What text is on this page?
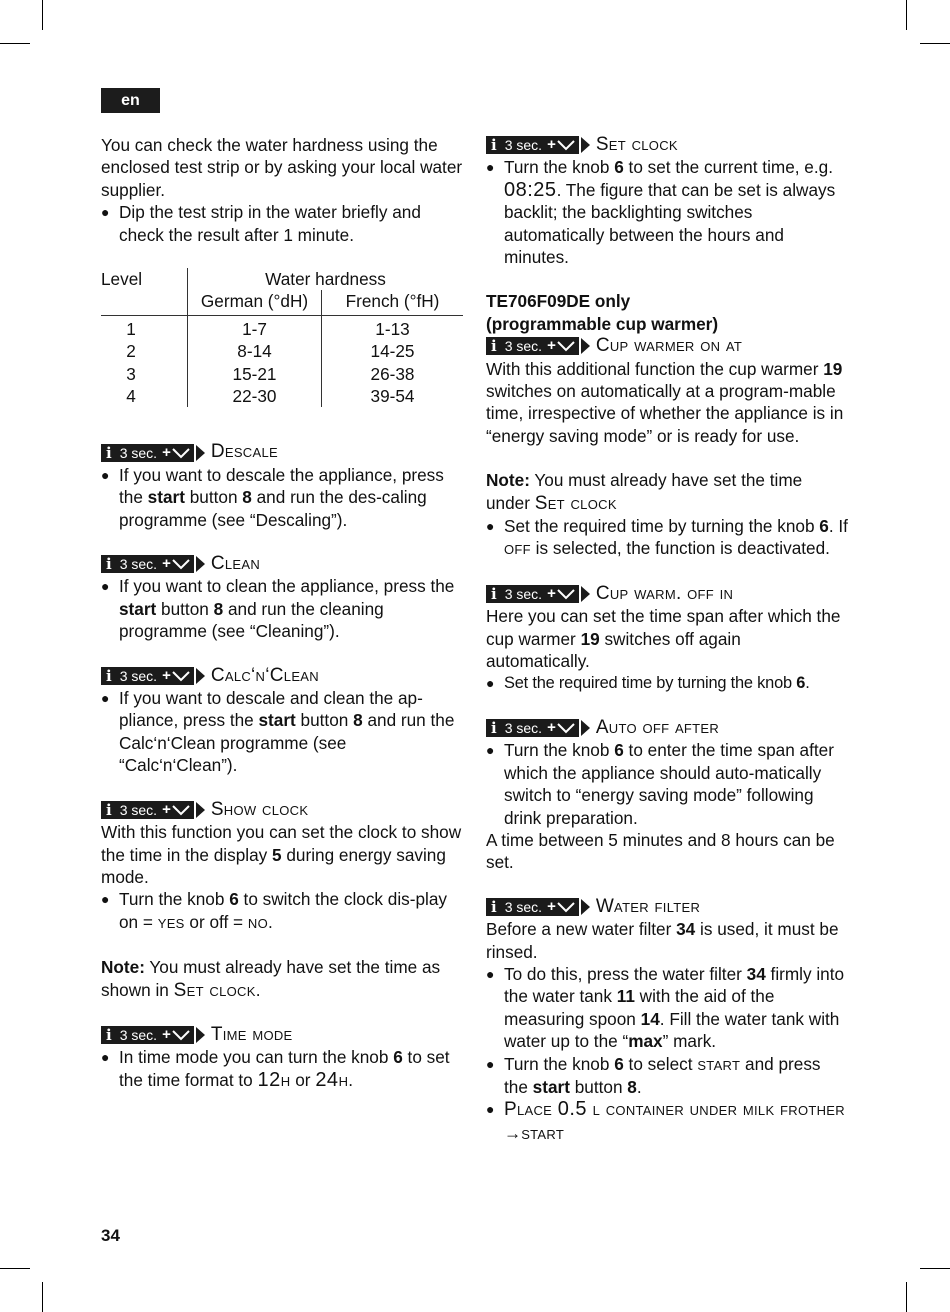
en

You can check the water hardness using the enclosed test strip or by asking your local water supplier.

● Dip the test strip in the water briefly and check the result after 1 minute.
Level	Water hardness	
	German (°dH)	French (°fH)
1	1-7	1-13
2	8-14	14-25
3	15-21	26-38
4	22-30	39-54
i 3 sec. + Descale
● If you want to descale the appliance, press the start button 8 and run the des-caling programme (see “Descaling”).
i 3 sec. + Clean
● If you want to clean the appliance, press the start button 8 and run the cleaning programme (see “Cleaning”).
i 3 sec. + Calc‘n‘Clean
● If you want to descale and clean the ap-pliance, press the start button 8 and run the Calc‘n‘Clean programme (see “Calc‘n‘Clean”).
i 3 sec. + Show clock

With this function you can set the clock to show the time in the display 5 during energy saving mode.

● Turn the knob 6 to switch the clock dis-play on = yes or off = no.

Note: You must already have set the time as shown in Set clock.

i 3 sec. + Time mode
● In time mode you can turn the knob 6 to set the time format to 12h or 24h.
i 3 sec. + Set clock
● Turn the knob 6 to set the current time, e.g. 08:25. The figure that can be set is always backlit; the backlighting switches automatically between the hours and minutes.

TE706F09DE only

(programmable cup warmer)

i 3 sec. + Cup warmer on at

With this additional function the cup warmer 19 switches on automatically at a program-mable time, irrespective of whether the appliance is in “energy saving mode” or is ready for use.

Note: You must already have set the time under Set clock

● Set the required time by turning the knob 6. If off is selected, the function is deactivated.
i 3 sec. + Cup warm. off in

Here you can set the time span after which the cup warmer 19 switches off again automatically.

● Set the required time by turning the knob 6.
i 3 sec. + Auto off after
● Turn the knob 6 to enter the time span after which the appliance should auto-matically switch to “energy saving mode” following drink preparation.

A time between 5 minutes and 8 hours can be set.

i 3 sec. + Water filter

Before a new water filter 34 is used, it must be rinsed.

● To do this, press the water filter 34 firmly into the water tank 11 with the aid of the measuring spoon 14. Fill the water tank with water up to the “max” mark.
● Turn the knob 6 to select start and press the start button 8.
● Place 0.5 l container under milk frother →start
34
